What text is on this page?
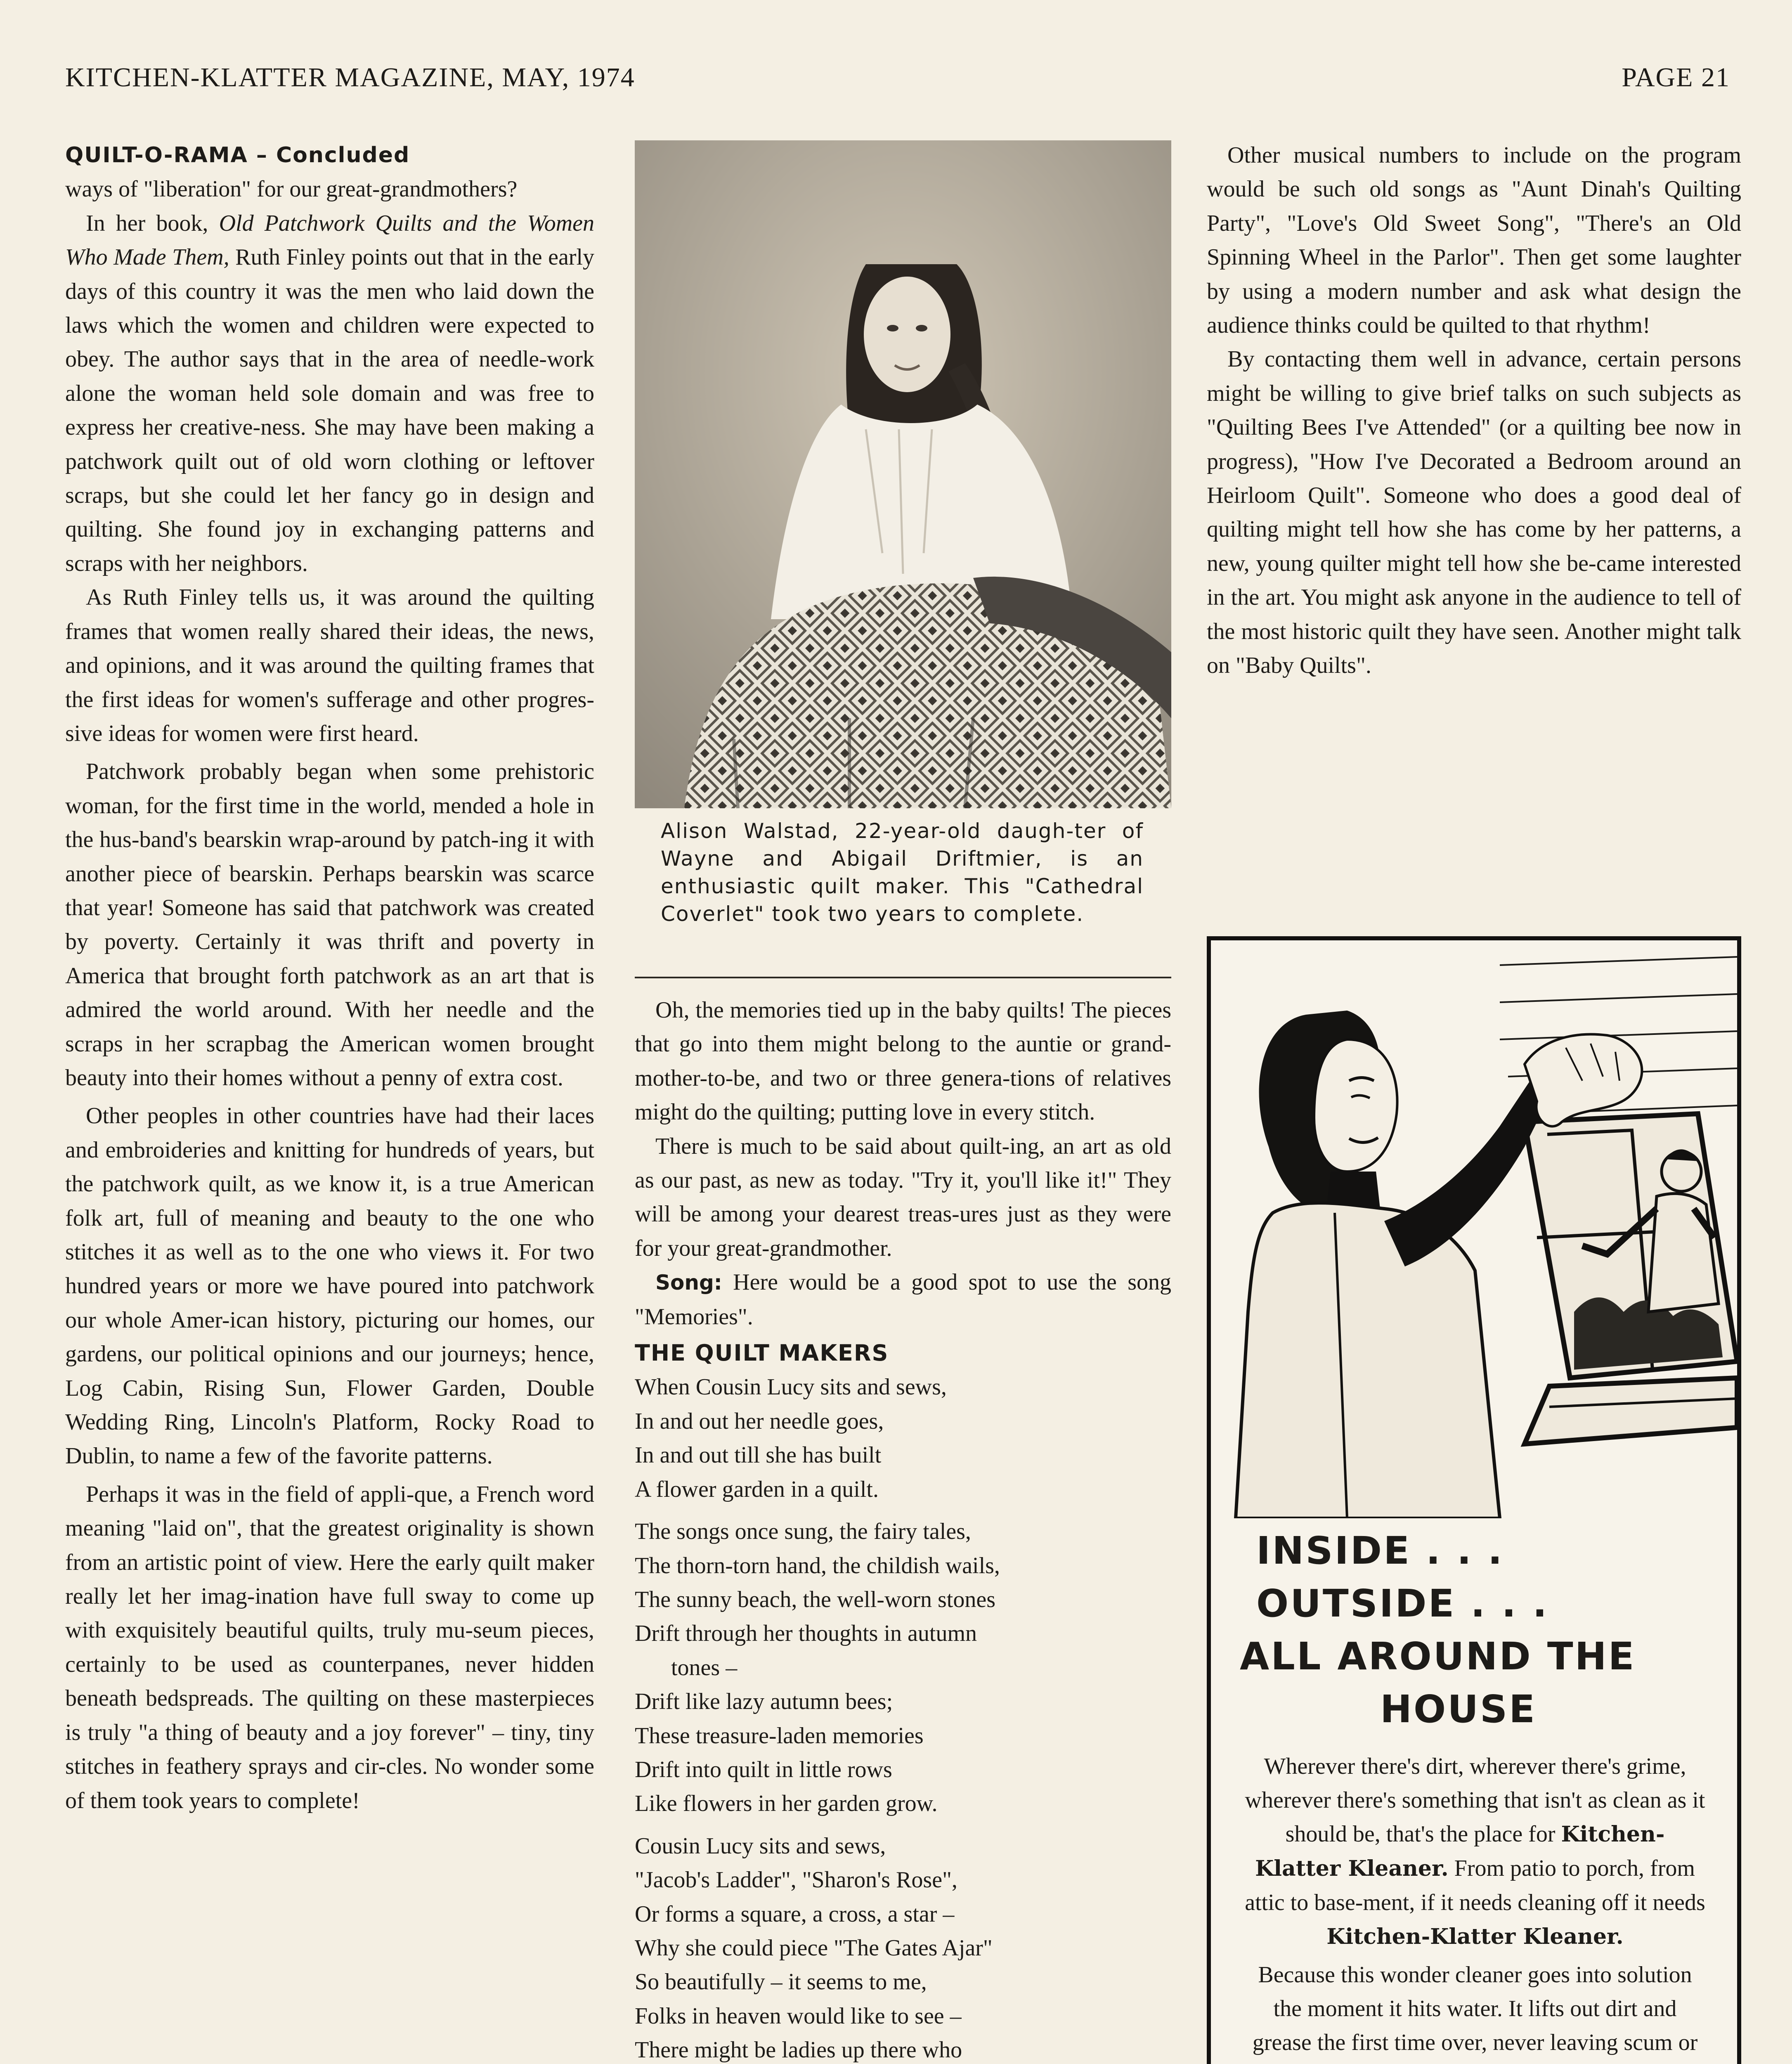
KITCHEN-KLATTER MAGAZINE, MAY, 1974	PAGE 21
QUILT-O-RAMA – Concluded

ways of "liberation" for our great-grandmothers?

In her book, Old Patchwork Quilts and the Women Who Made Them, Ruth Finley points out that in the early days of this country it was the men who laid down the laws which the women and children were expected to obey. The author says that in the area of needle-work alone the woman held sole domain and was free to express her creative-ness. She may have been making a patchwork quilt out of old worn clothing or leftover scraps, but she could let her fancy go in design and quilting. She found joy in exchanging patterns and scraps with her neighbors.

As Ruth Finley tells us, it was around the quilting frames that women really shared their ideas, the news, and opinions, and it was around the quilting frames that the first ideas for women's sufferage and other progres-sive ideas for women were first heard.

Patchwork probably began when some prehistoric woman, for the first time in the world, mended a hole in the hus-band's bearskin wrap-around by patch-ing it with another piece of bearskin. Perhaps bearskin was scarce that year! Someone has said that patchwork was created by poverty. Certainly it was thrift and poverty in America that brought forth patchwork as an art that is admired the world around. With her needle and the scraps in her scrapbag the American women brought beauty into their homes without a penny of extra cost.

Other peoples in other countries have had their laces and embroideries and knitting for hundreds of years, but the patchwork quilt, as we know it, is a true American folk art, full of meaning and beauty to the one who stitches it as well as to the one who views it. For two hundred years or more we have poured into patchwork our whole Amer-ican history, picturing our homes, our gardens, our political opinions and our journeys; hence, Log Cabin, Rising Sun, Flower Garden, Double Wedding Ring, Lincoln's Platform, Rocky Road to Dublin, to name a few of the favorite patterns.

Perhaps it was in the field of appli-que, a French word meaning "laid on", that the greatest originality is shown from an artistic point of view. Here the early quilt maker really let her imag-ination have full sway to come up with exquisitely beautiful quilts, truly mu-seum pieces, certainly to be used as counterpanes, never hidden beneath bedspreads. The quilting on these masterpieces is truly "a thing of beauty and a joy forever" – tiny, tiny stitches in feathery sprays and cir-cles. No wonder some of them took years to complete!

Alison Walstad, 22-year-old daugh-ter of Wayne and Abigail Driftmier, is an enthusiastic quilt maker. This "Cathedral Coverlet" took two years to complete.

Oh, the memories tied up in the baby quilts! The pieces that go into them might belong to the auntie or grand-mother-to-be, and two or three genera-tions of relatives might do the quilting; putting love in every stitch.

There is much to be said about quilt-ing, an art as old as our past, as new as today. "Try it, you'll like it!" They will be among your dearest treas-ures just as they were for your great-grandmother.

Song: Here would be a good spot to use the song "Memories".

THE QUILT MAKERS

When Cousin Lucy sits and sews,
In and out her needle goes,
In and out till she has built
A flower garden in a quilt.
The songs once sung, the fairy tales,
The thorn-torn hand, the childish wails,
The sunny beach, the well-worn stones
Drift through her thoughts in autumn
tones –
Drift like lazy autumn bees;
These treasure-laden memories
Drift into quilt in little rows
Like flowers in her garden grow.
Cousin Lucy sits and sews,
"Jacob's Ladder", "Sharon's Rose",
Or forms a square, a cross, a star –
Why she could piece "The Gates Ajar"
So beautifully – it seems to me,
Folks in heaven would like to see –
There might be ladies up there who

Other musical numbers to include on the program would be such old songs as "Aunt Dinah's Quilting Party", "Love's Old Sweet Song", "There's an Old Spinning Wheel in the Parlor". Then get some laughter by using a modern number and ask what design the audience thinks could be quilted to that rhythm!

By contacting them well in advance, certain persons might be willing to give brief talks on such subjects as "Quilting Bees I've Attended" (or a quilting bee now in progress), "How I've Decorated a Bedroom around an Heirloom Quilt". Someone who does a good deal of quilting might tell how she has come by her patterns, a new, young quilter might tell how she be-came interested in the art. You might ask anyone in the audience to tell of the most historic quilt they have seen. Another might talk on "Baby Quilts".

INSIDE . . .
OUTSIDE . . .
ALL AROUND THE
HOUSE

Wherever there's dirt, wherever there's grime, wherever there's something that isn't as clean as it should be, that's the place for Kitchen-Klatter Kleaner. From patio to porch, from attic to base-ment, if it needs cleaning off it needs Kitchen-Klatter Kleaner.

Because this wonder cleaner goes into solution the moment it hits water. It lifts out dirt and grease the first time over, never leaving scum or
